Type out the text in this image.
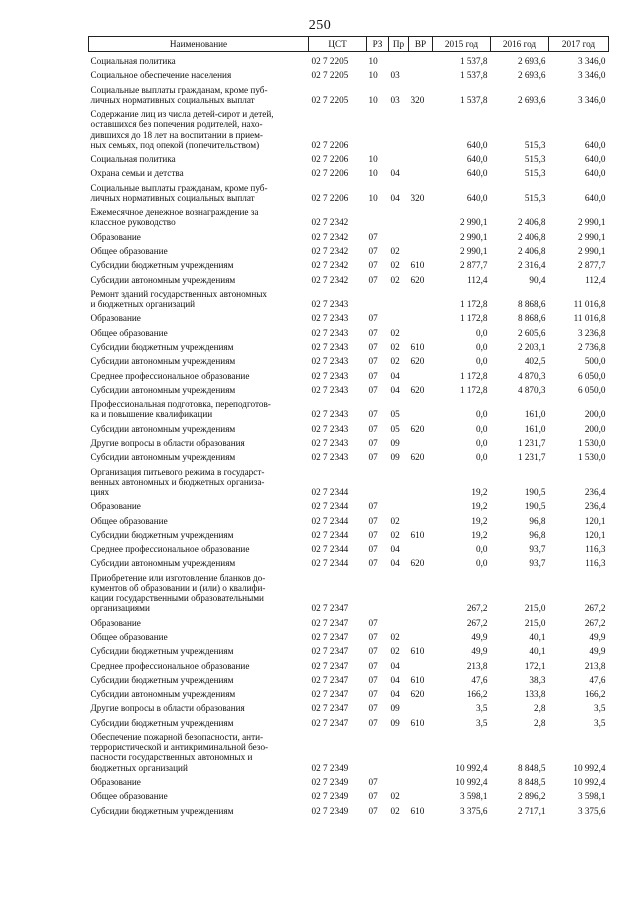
250
Наименование	ЦСТ	РЗ	Пр	ВР	2015 год	2016 год	2017 год

Социальная политика	02 7 2205	10			1 537,8	2 693,6	3 346,0

Социальное обеспечение населения	02 7 2205	10	03		1 537,8	2 693,6	3 346,0

Социальные выплаты гражданам, кроме пуб-
личных нормативных социальных выплат	02 7 2205	10	03	320	1 537,8	2 693,6	3 346,0

Содержание лиц из числа детей-сирот и детей,
оставшихся без попечения родителей, нахо-
дившихся до 18 лет на воспитании в прием-
ных семьях, под опекой (попечительством)	02 7 2206				640,0	515,3	640,0

Социальная политика	02 7 2206	10			640,0	515,3	640,0

Охрана семьи и детства	02 7 2206	10	04		640,0	515,3	640,0

Социальные выплаты гражданам, кроме пуб-
личных нормативных социальных выплат	02 7 2206	10	04	320	640,0	515,3	640,0

Ежемесячное денежное вознаграждение за
классное руководство	02 7 2342				2 990,1	2 406,8	2 990,1

Образование	02 7 2342	07			2 990,1	2 406,8	2 990,1

Общее образование	02 7 2342	07	02		2 990,1	2 406,8	2 990,1

Субсидии бюджетным учреждениям	02 7 2342	07	02	610	2 877,7	2 316,4	2 877,7

Субсидии автономным учреждениям	02 7 2342	07	02	620	112,4	90,4	112,4

Ремонт зданий государственных автономных
и бюджетных организаций	02 7 2343				1 172,8	8 868,6	11 016,8

Образование	02 7 2343	07			1 172,8	8 868,6	11 016,8

Общее образование	02 7 2343	07	02		0,0	2 605,6	3 236,8

Субсидии бюджетным учреждениям	02 7 2343	07	02	610	0,0	2 203,1	2 736,8

Субсидии автономным учреждениям	02 7 2343	07	02	620	0,0	402,5	500,0

Среднее профессиональное образование	02 7 2343	07	04		1 172,8	4 870,3	6 050,0

Субсидии автономным учреждениям	02 7 2343	07	04	620	1 172,8	4 870,3	6 050,0

Профессиональная подготовка, переподготов-
ка и повышение квалификации	02 7 2343	07	05		0,0	161,0	200,0

Субсидии автономным учреждениям	02 7 2343	07	05	620	0,0	161,0	200,0

Другие вопросы в области образования	02 7 2343	07	09		0,0	1 231,7	1 530,0

Субсидии автономным учреждениям	02 7 2343	07	09	620	0,0	1 231,7	1 530,0

Организация питьевого режима в государст-
венных автономных и бюджетных организа-
циях	02 7 2344				19,2	190,5	236,4

Образование	02 7 2344	07			19,2	190,5	236,4

Общее образование	02 7 2344	07	02		19,2	96,8	120,1

Субсидии бюджетным учреждениям	02 7 2344	07	02	610	19,2	96,8	120,1

Среднее профессиональное образование	02 7 2344	07	04		0,0	93,7	116,3

Субсидии автономным учреждениям	02 7 2344	07	04	620	0,0	93,7	116,3

Приобретение или изготовление бланков до-
кументов об образовании и (или) о квалифи-
кации государственными образовательными
организациями	02 7 2347				267,2	215,0	267,2

Образование	02 7 2347	07			267,2	215,0	267,2

Общее образование	02 7 2347	07	02		49,9	40,1	49,9

Субсидии бюджетным учреждениям	02 7 2347	07	02	610	49,9	40,1	49,9

Среднее профессиональное образование	02 7 2347	07	04		213,8	172,1	213,8

Субсидии бюджетным учреждениям	02 7 2347	07	04	610	47,6	38,3	47,6

Субсидии автономным учреждениям	02 7 2347	07	04	620	166,2	133,8	166,2

Другие вопросы в области образования	02 7 2347	07	09		3,5	2,8	3,5

Субсидии бюджетным учреждениям	02 7 2347	07	09	610	3,5	2,8	3,5

Обеспечение пожарной безопасности, анти-
террористической и антикриминальной безо-
пасности государственных автономных и
бюджетных организаций	02 7 2349				10 992,4	8 848,5	10 992,4

Образование	02 7 2349	07			10 992,4	8 848,5	10 992,4

Общее образование	02 7 2349	07	02		3 598,1	2 896,2	3 598,1

Субсидии бюджетным учреждениям	02 7 2349	07	02	610	3 375,6	2 717,1	3 375,6
